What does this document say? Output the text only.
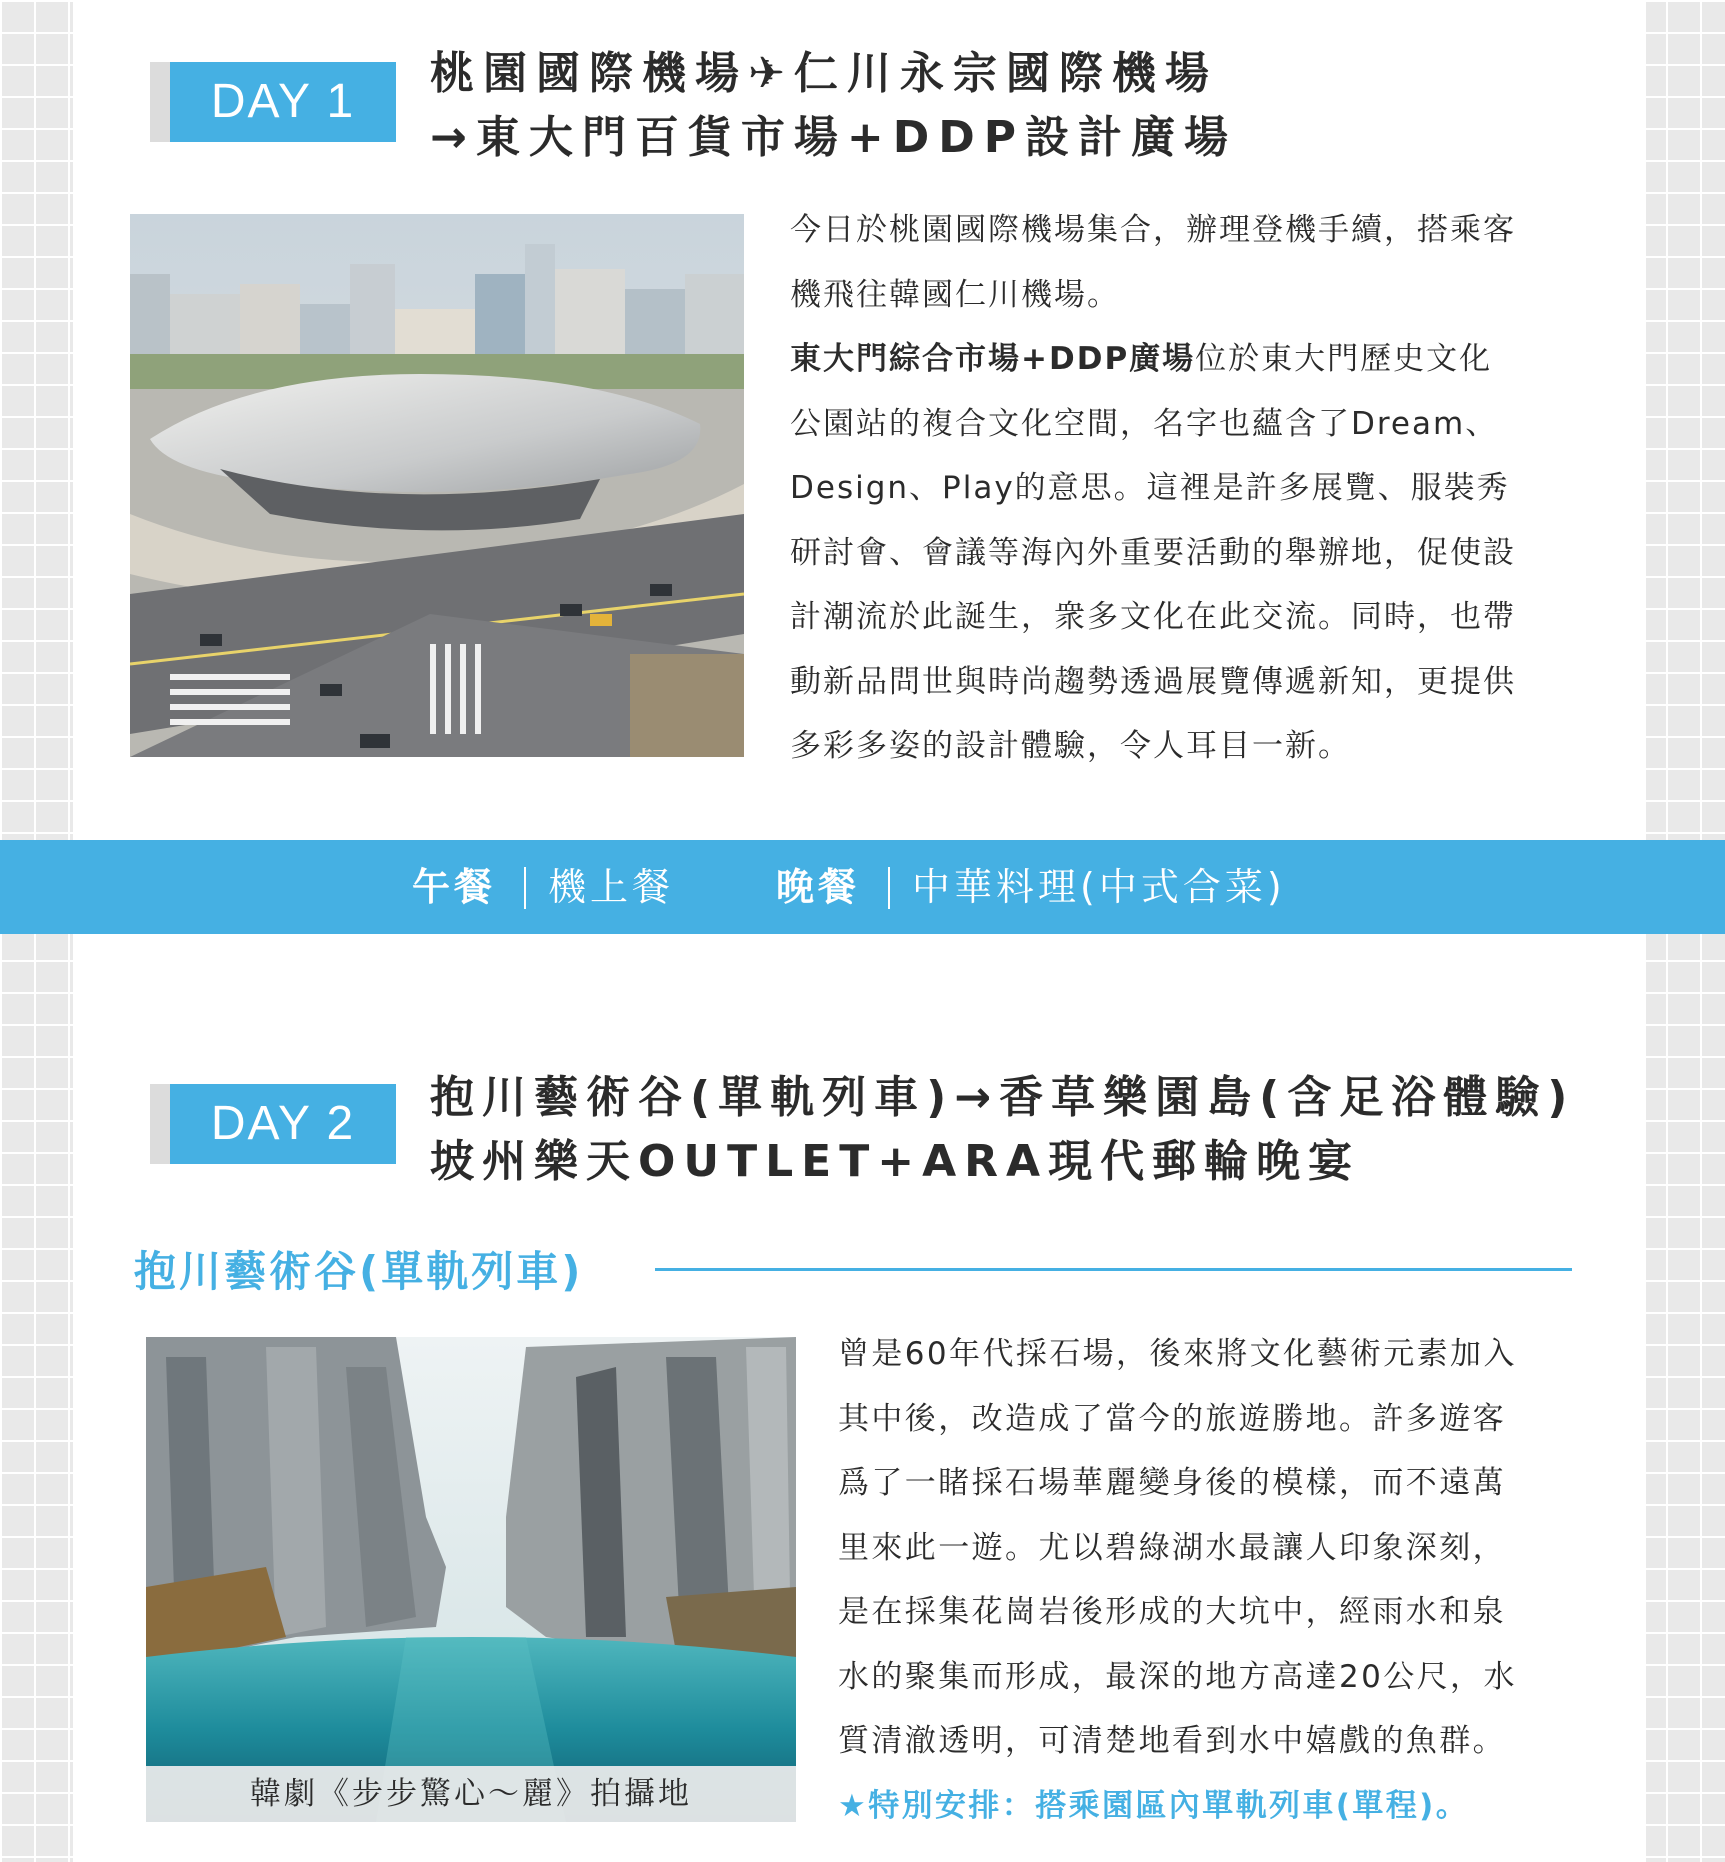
DAY 1
桃園國際機場✈仁川永宗國際機場
→東大門百貨市場+DDP設計廣場

今日於桃園國際機場集合，辦理登機手續，搭乘客

機飛往韓國仁川機場。

東大門綜合市場+DDP廣場位於東大門歷史文化

公園站的複合文化空間，名字也蘊含了Dream、

Design、Play的意思。這裡是許多展覽、服裝秀

研討會、會議等海內外重要活動的舉辦地，促使設

計潮流於此誕生，衆多文化在此交流。同時，也帶

動新品問世與時尚趨勢透過展覽傳遞新知，更提供

多彩多姿的設計體驗，令人耳目一新。

午餐 機上餐	晚餐 中華料理(中式合菜)
DAY 2	抱川藝術谷(單軌列車)→香草樂園島(含足浴體驗)
坡州樂天OUTLET+ARA現代郵輪晚宴
抱川藝術谷(單軌列車)
韓劇《步步驚心～麗》拍攝地

曾是60年代採石場，後來將文化藝術元素加入

其中後，改造成了當今的旅遊勝地。許多遊客

爲了一睹採石場華麗變身後的模樣，而不遠萬

里來此一遊。尤以碧綠湖水最讓人印象深刻，

是在採集花崗岩後形成的大坑中，經雨水和泉

水的聚集而形成，最深的地方高達20公尺，水

質清澈透明，可清楚地看到水中嬉戲的魚群。

★特別安排：搭乘園區內單軌列車(單程)。
